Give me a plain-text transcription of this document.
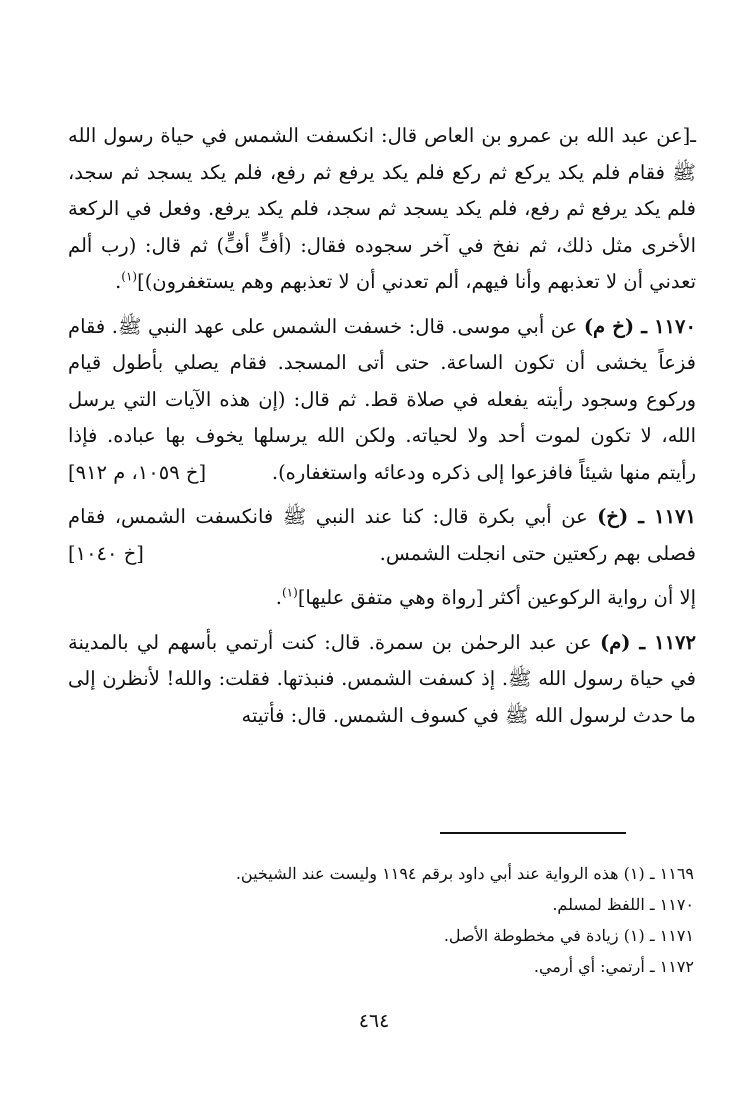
ـ[عن عبد الله بن عمرو بن العاص قال: انكسفت الشمس في حياة رسول الله ﷺ فقام فلم يكد يركع ثم ركع فلم يكد يرفع ثم رفع، فلم يكد يسجد ثم سجد، فلم يكد يرفع ثم رفع، فلم يكد يسجد ثم سجد، فلم يكد يرفع. وفعل في الركعة الأخرى مثل ذلك، ثم نفخ في آخر سجوده فقال: (أفٍّ أفٍّ) ثم قال: (رب ألم تعدني أن لا تعذبهم وأنا فيهم، ألم تعدني أن لا تعذبهم وهم يستغفرون)]$^{(١)}$.

١١٧٠ ـ (خ م) عن أبي موسى. قال: خسفت الشمس على عهد النبي ﷺ. فقام فزعاً يخشى أن تكون الساعة. حتى أتى المسجد. فقام يصلي بأطول قيام وركوع وسجود رأيته يفعله في صلاة قط. ثم قال: (إن هذه الآيات التي يرسل الله، لا تكون لموت أحد ولا لحياته. ولكن الله يرسلها يخوف بها عباده. فإذا رأيتم منها شيئاً فافزعوا إلى ذكره ودعائه واستغفاره).
[خ ١٠٥٩، م ٩١٢]

١١٧١ ـ (خ) عن أبي بكرة قال: كنا عند النبي ﷺ فانكسفت الشمس، فقام فصلى بهم ركعتين حتى انجلت الشمس.
[خ ١٠٤٠]

إلا أن رواية الركوعين أكثر [رواة وهي متفق عليها]$^{(١)}$.

١١٧٢ ـ (م) عن عبد الرحمٰن بن سمرة. قال: كنت أرتمي بأسهم لي بالمدينة في حياة رسول الله ﷺ. إذ كسفت الشمس. فنبذتها. فقلت: والله! لأنظرن إلى ما حدث لرسول الله ﷺ في كسوف الشمس. قال: فأتيته

١١٦٩ ـ (١) هذه الرواية عند أبي داود برقم ١١٩٤ وليست عند الشيخين.

١١٧٠ ـ اللفظ لمسلم.

١١٧١ ـ (١) زيادة في مخطوطة الأصل.

١١٧٢ ـ أرتمي: أي أرمي.

٤٦٤
